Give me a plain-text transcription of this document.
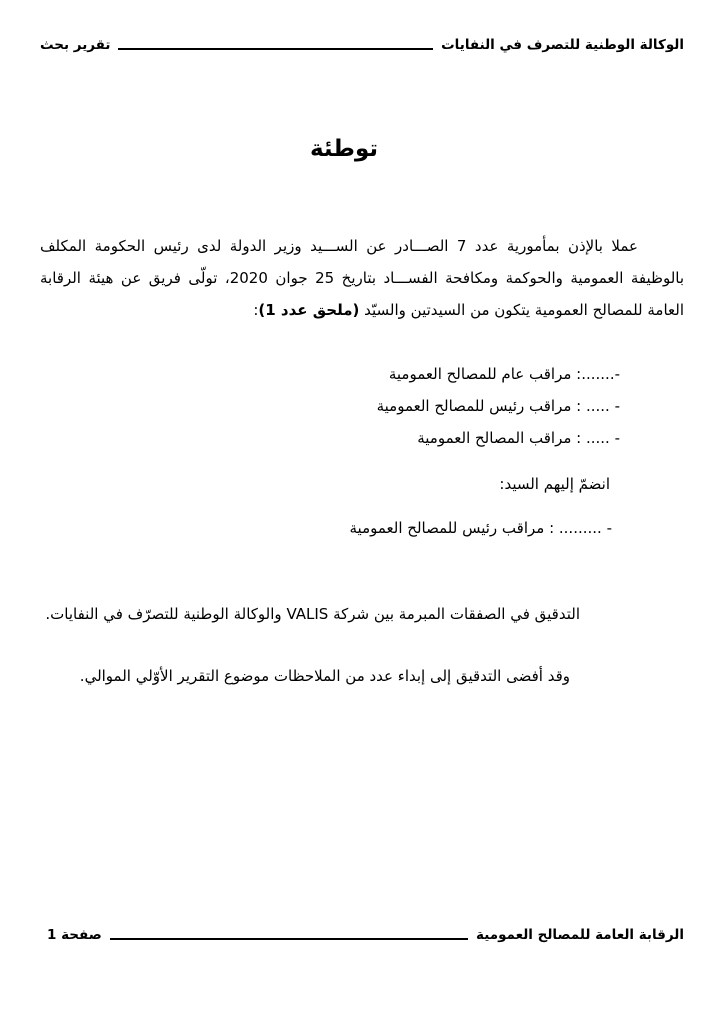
تقرير بحث	الوكالة الوطنية للتصرف في النفايات
توطئة
عملا بالإذن بمأمورية عدد 7 الصـــادر عن الســـيد وزير الدولة لدى رئيس الحكومة المكلف
بالوظيفة العمومية والحوكمة ومكافحة الفســـاد بتاريخ 25 جوان 2020، تولّى فريق عن هيئة الرقابة
العامة للمصالح العمومية يتكون من السيدتين والسيّد (ملحق عدد 1):
-.......: مراقب عام للمصالح العمومية
- ..... : مراقب رئيس للمصالح العمومية
- ..... : مراقب المصالح العمومية
انضمّ إليهم السيد:
- ......... : مراقب رئيس للمصالح العمومية
التدقيق في الصفقات المبرمة بين شركة VALIS والوكالة الوطنية للتصرّف في النفايات.
وقد أفضى التدقيق إلى إبداء عدد من الملاحظات موضوع التقرير الأوّلي الموالي.
صفحة 1	الرقابة العامة للمصالح العمومية
